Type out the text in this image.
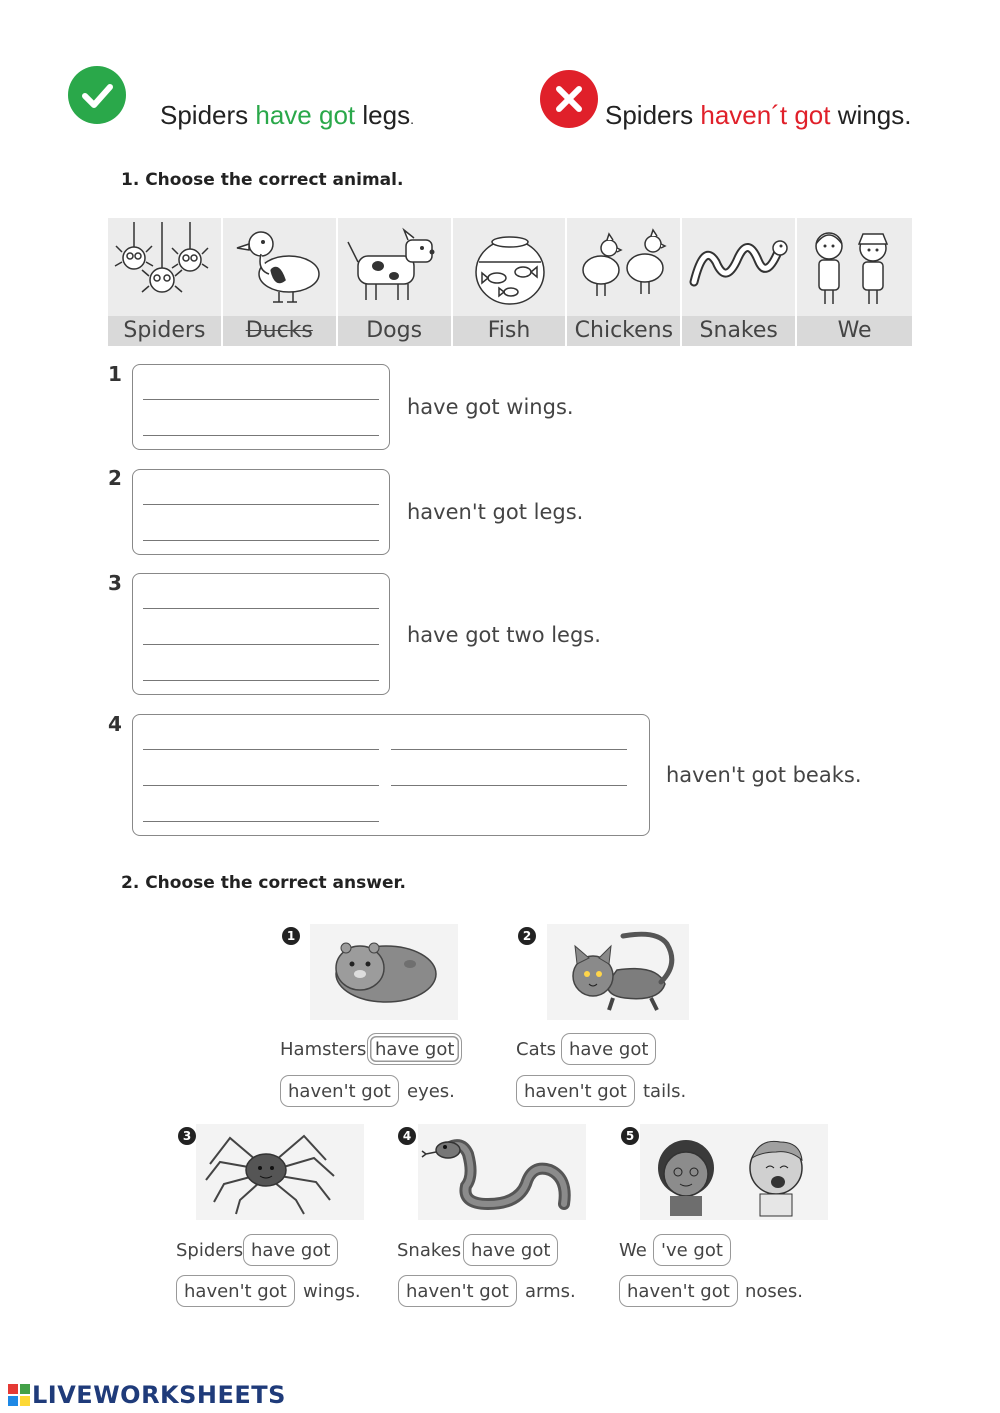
Spiders have got legs.	Spiders haven´t got wings.
1. Choose the correct animal.
Spiders	Ducks	Dogs	Fish	Chickens	Snakes	We
1
have got wings.
2
haven't got legs.
3
have got two legs.
4
haven't got beaks.
2. Choose the correct answer.
1
Hamsters have got
haven't got eyes.
2
Cats have got
haven't got tails.
3
Spiders have got
haven't got wings.
4
Snakes have got
haven't got arms.
5
We 've got
haven't got noses.
LIVEWORKSHEETS
